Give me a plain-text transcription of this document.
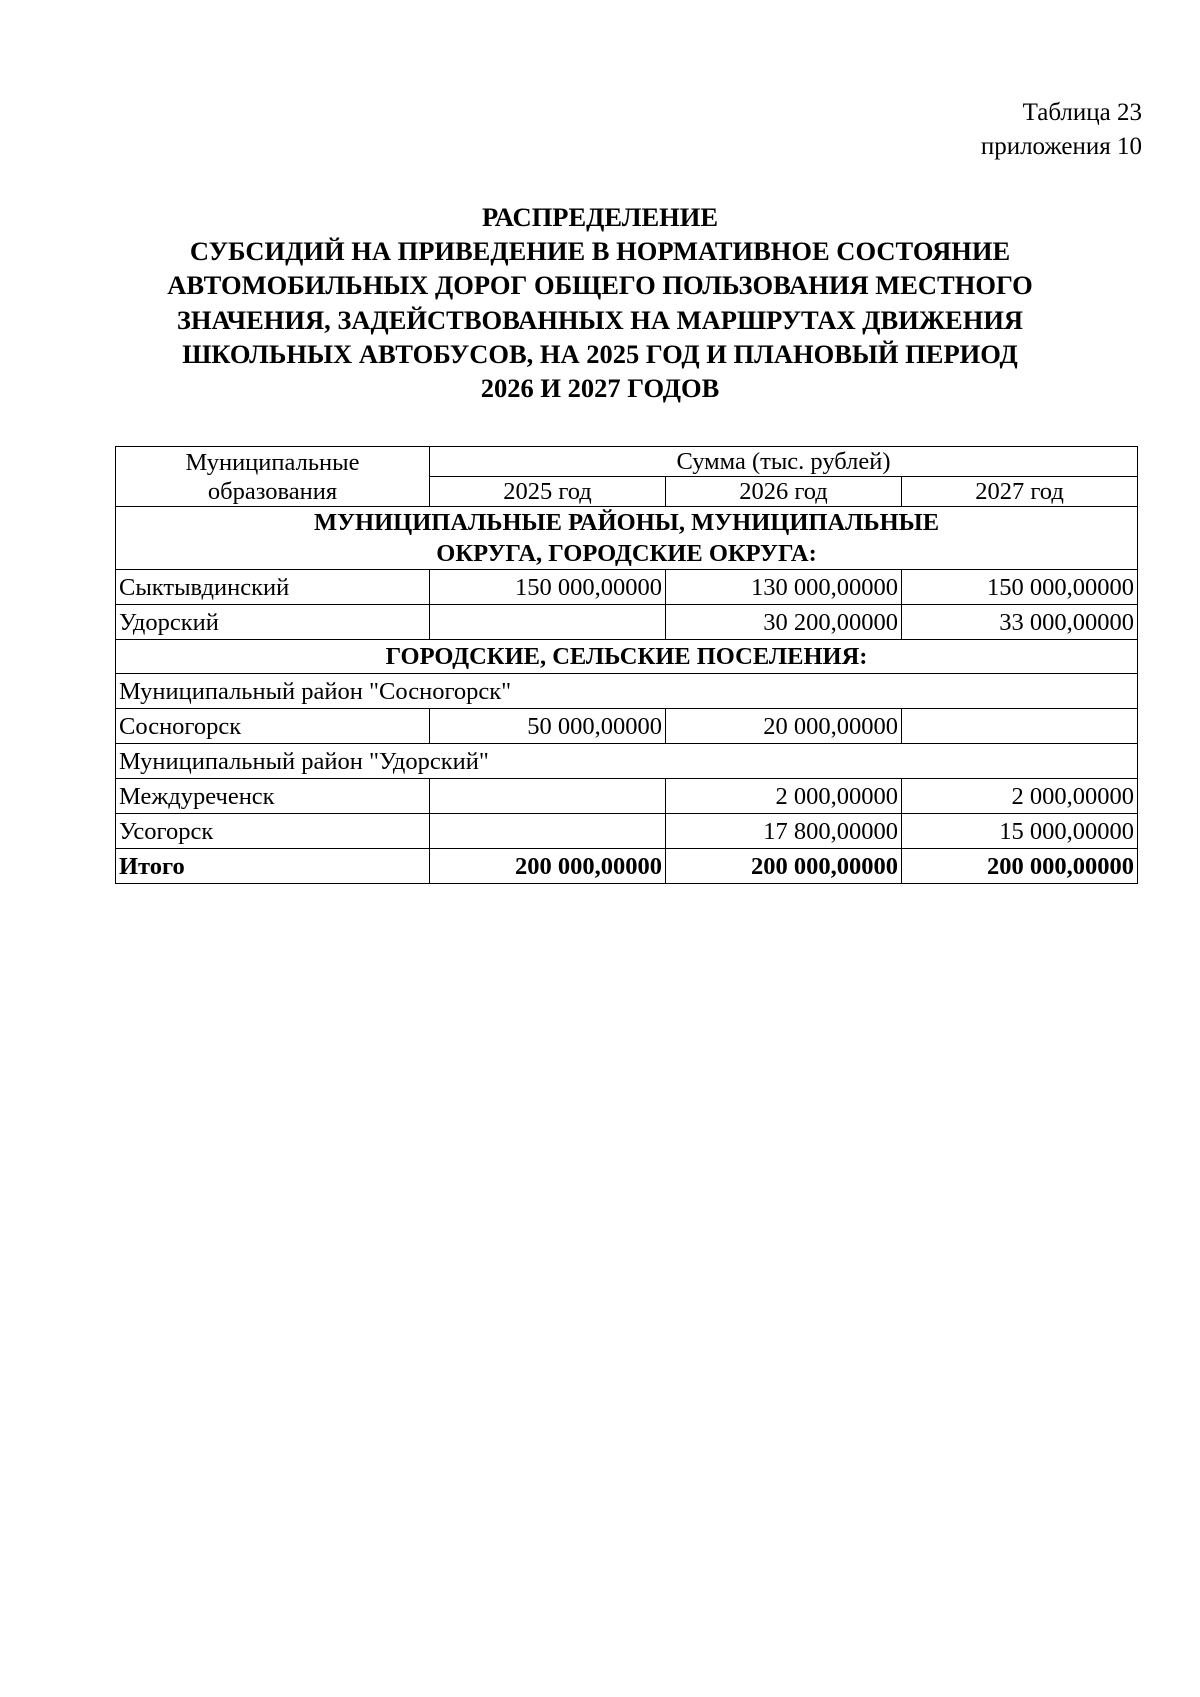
Таблица 23
приложения 10
РАСПРЕДЕЛЕНИЕ
СУБСИДИЙ НА ПРИВЕДЕНИЕ В НОРМАТИВНОЕ СОСТОЯНИЕ
АВТОМОБИЛЬНЫХ ДОРОГ ОБЩЕГО ПОЛЬЗОВАНИЯ МЕСТНОГО
ЗНАЧЕНИЯ, ЗАДЕЙСТВОВАННЫХ НА МАРШРУТАХ ДВИЖЕНИЯ
ШКОЛЬНЫХ АВТОБУСОВ, НА 2025 ГОД И ПЛАНОВЫЙ ПЕРИОД
2026 И 2027 ГОДОВ
Муниципальные образования	Сумма (тыс. рублей)		
	2025 год	2026 год	2027 год
МУНИЦИПАЛЬНЫЕ РАЙОНЫ, МУНИЦИПАЛЬНЫЕ ОКРУГА, ГОРОДСКИЕ ОКРУГА:			
Сыктывдинский	150 000,00000	130 000,00000	150 000,00000
Удорский		30 200,00000	33 000,00000
ГОРОДСКИЕ, СЕЛЬСКИЕ ПОСЕЛЕНИЯ:			
Муниципальный район "Сосногорск"			
Сосногорск	50 000,00000	20 000,00000	
Муниципальный район "Удорский"			
Междуреченск		2 000,00000	2 000,00000
Усогорск		17 800,00000	15 000,00000
Итого	200 000,00000	200 000,00000	200 000,00000
